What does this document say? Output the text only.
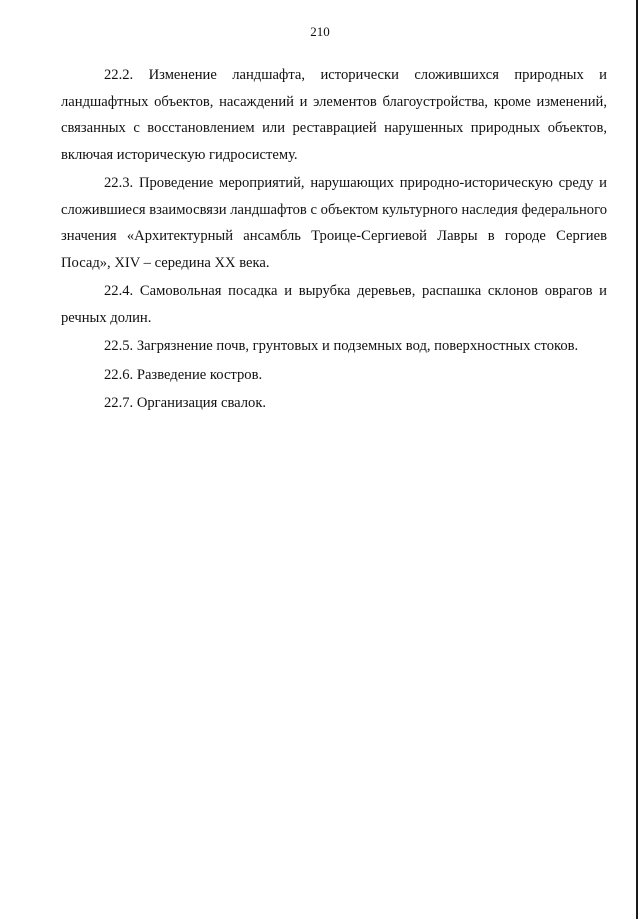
210

22.2. Изменение ландшафта, исторически сложившихся природных и ландшафтных объектов, насаждений и элементов благоустройства, кроме изменений, связанных с восстановлением или реставрацией нарушенных природных объектов, включая историческую гидросистему.

22.3. Проведение мероприятий, нарушающих природно-историческую среду и сложившиеся взаимосвязи ландшафтов с объектом культурного наследия федерального значения «Архитектурный ансамбль Троице-Сергиевой Лавры в городе Сергиев Посад», XIV – середина XX века.

22.4. Самовольная посадка и вырубка деревьев, распашка склонов оврагов и речных долин.

22.5. Загрязнение почв, грунтовых и подземных вод, поверхностных стоков.

22.6. Разведение костров.

22.7. Организация свалок.
